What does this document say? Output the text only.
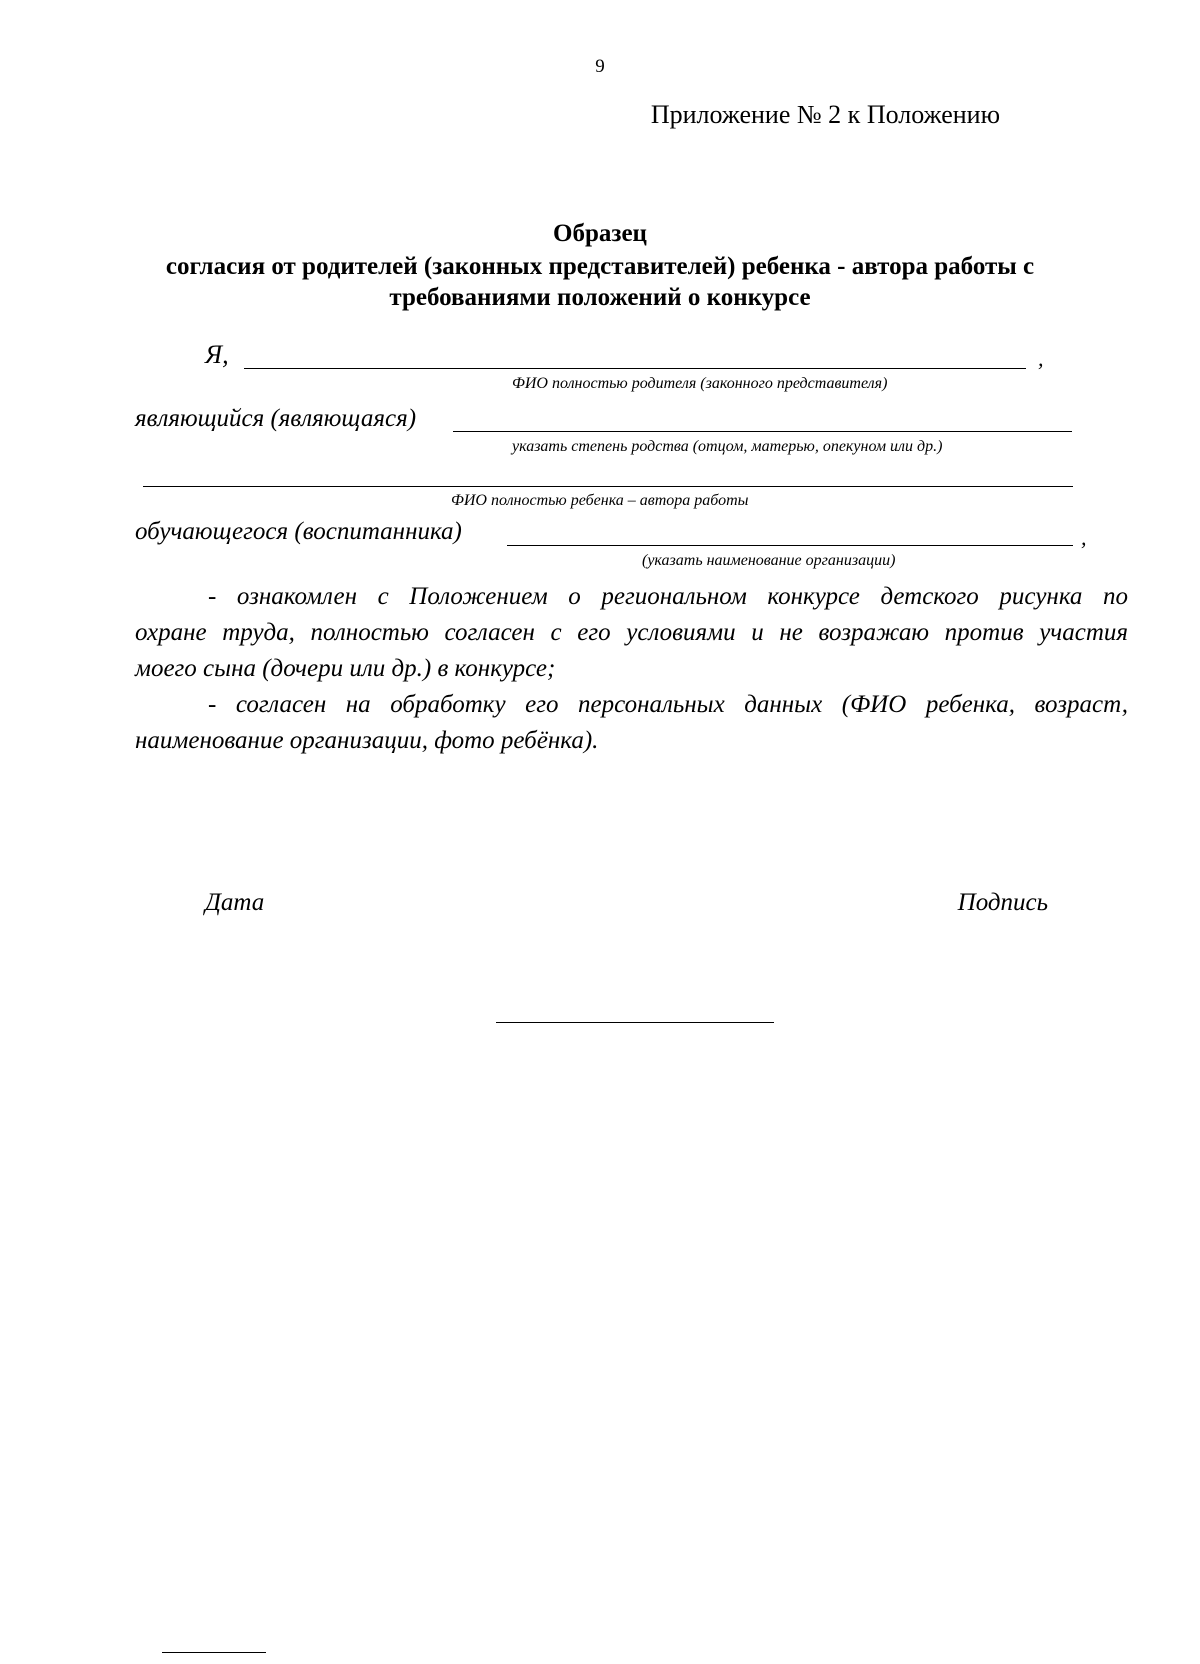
9
Приложение № 2 к Положению
Образец
согласия от родителей (законных представителей) ребенка - автора работы с
требованиями положений о конкурсе
Я,	,
ФИО полностью родителя (законного представителя)
являющийся (являющаяся)
указать степень родства (отцом, матерью, опекуном или др.)
ФИО полностью ребенка – автора работы
обучающегося (воспитанника)	,
(указать наименование организации)
- ознакомлен с Положением о региональном конкурсе детского рисунка по
охране труда, полностью согласен с его условиями и не возражаю против участия
моего сына (дочери или др.) в конкурсе;
- согласен на обработку его персональных данных (ФИО ребенка, возраст,
наименование организации, фото ребёнка).
Дата	Подпись
